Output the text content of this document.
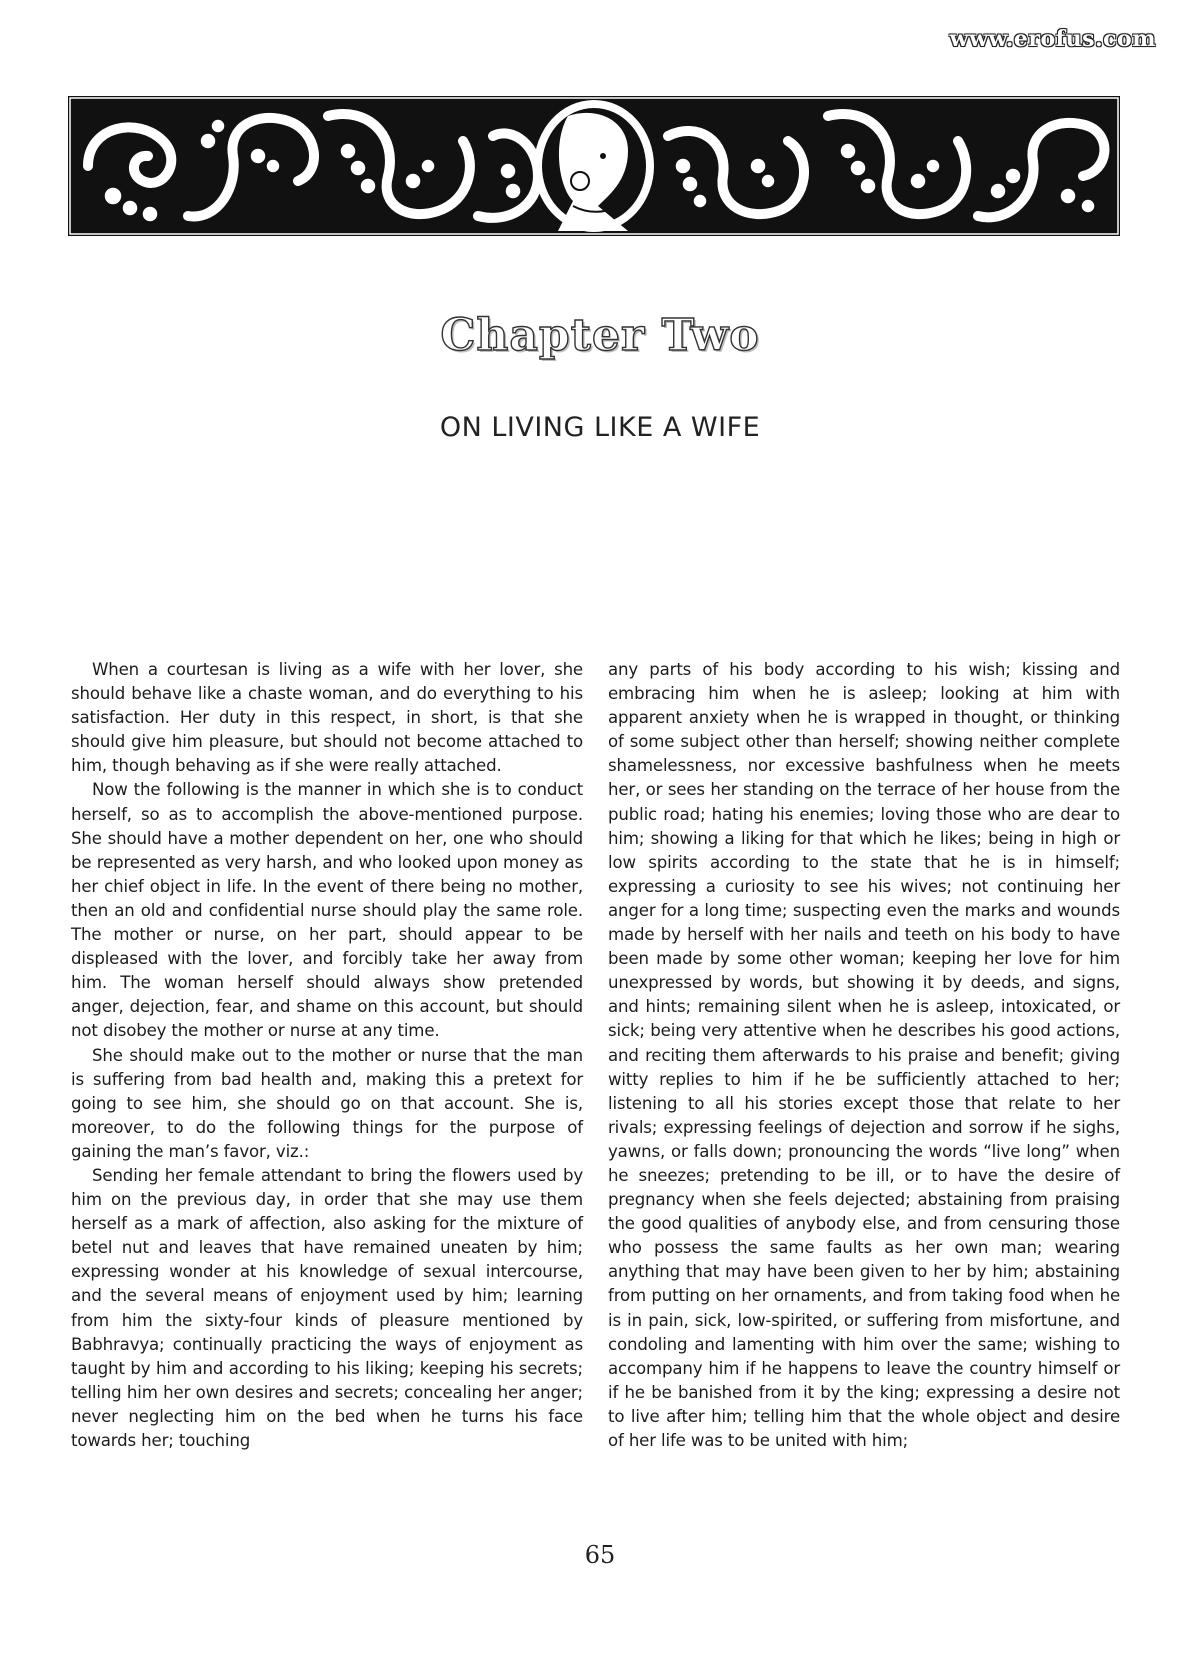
www.erofus.com
Chapter Two
ON LIVING LIKE A WIFE

When a courtesan is living as a wife with her lover, she should behave like a chaste woman, and do everything to his satisfaction. Her duty in this respect, in short, is that she should give him pleasure, but should not become attached to him, though behaving as if she were really attached.

Now the following is the manner in which she is to conduct herself, so as to accomplish the above-mentioned purpose. She should have a mother dependent on her, one who should be represented as very harsh, and who looked upon money as her chief object in life. In the event of there being no mother, then an old and confidential nurse should play the same role. The mother or nurse, on her part, should appear to be displeased with the lover, and forcibly take her away from him. The woman herself should always show pretended anger, dejection, fear, and shame on this account, but should not disobey the mother or nurse at any time.

She should make out to the mother or nurse that the man is suffering from bad health and, making this a pretext for going to see him, she should go on that account. She is, moreover, to do the following things for the purpose of gaining the man’s favor, viz.:

Sending her female attendant to bring the flowers used by him on the previous day, in order that she may use them herself as a mark of affection, also asking for the mixture of betel nut and leaves that have remained uneaten by him; expressing wonder at his knowledge of sexual intercourse, and the several means of enjoyment used by him; learning from him the sixty-four kinds of pleasure mentioned by Babhravya; continually practicing the ways of enjoyment as taught by him and according to his liking; keeping his secrets; telling him her own desires and secrets; concealing her anger; never neglecting him on the bed when he turns his face towards her; touching

any parts of his body according to his wish; kissing and embracing him when he is asleep; looking at him with apparent anxiety when he is wrapped in thought, or thinking of some subject other than herself; showing neither complete shamelessness, nor excessive bashfulness when he meets her, or sees her standing on the terrace of her house from the public road; hating his enemies; loving those who are dear to him; showing a liking for that which he likes; being in high or low spirits according to the state that he is in himself; expressing a curiosity to see his wives; not continuing her anger for a long time; suspecting even the marks and wounds made by herself with her nails and teeth on his body to have been made by some other woman; keeping her love for him unexpressed by words, but showing it by deeds, and signs, and hints; remaining silent when he is asleep, intoxicated, or sick; being very attentive when he describes his good actions, and reciting them afterwards to his praise and benefit; giving witty replies to him if he be sufficiently attached to her; listening to all his stories except those that relate to her rivals; expressing feelings of dejection and sorrow if he sighs, yawns, or falls down; pronouncing the words “live long” when he sneezes; pretending to be ill, or to have the desire of pregnancy when she feels dejected; abstaining from praising the good qualities of anybody else, and from censuring those who possess the same faults as her own man; wearing anything that may have been given to her by him; abstaining from putting on her ornaments, and from taking food when he is in pain, sick, low-spirited, or suffering from misfortune, and condoling and lamenting with him over the same; wishing to accompany him if he happens to leave the country himself or if he be banished from it by the king; expressing a desire not to live after him; telling him that the whole object and desire of her life was to be united with him;

65
